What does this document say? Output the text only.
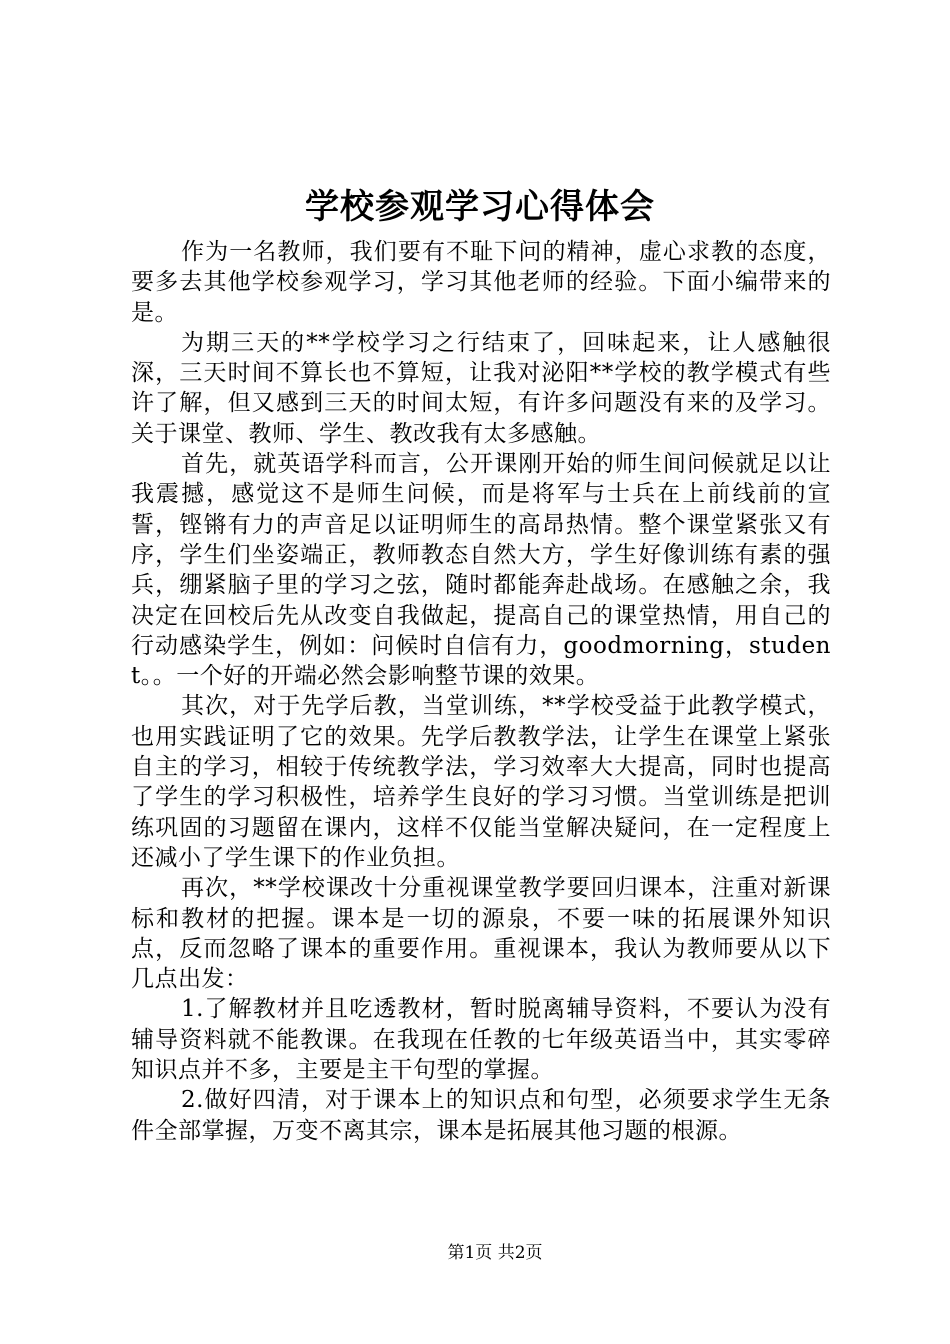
学校参观学习心得体会

作为一名教师，我们要有不耻下问的精神，虚心求教的态度，要多去其他学校参观学习，学习其他老师的经验。下面小编带来的是。

为期三天的**学校学习之行结束了，回味起来，让人感触很深，三天时间不算长也不算短，让我对泌阳**学校的教学模式有些许了解，但又感到三天的时间太短，有许多问题没有来的及学习。关于课堂、教师、学生、教改我有太多感触。

首先，就英语学科而言，公开课刚开始的师生间问候就足以让我震撼，感觉这不是师生问候，而是将军与士兵在上前线前的宣誓，铿锵有力的声音足以证明师生的高昂热情。整个课堂紧张又有序，学生们坐姿端正，教师教态自然大方，学生好像训练有素的强兵，绷紧脑子里的学习之弦，随时都能奔赴战场。在感触之余，我决定在回校后先从改变自我做起，提高自己的课堂热情，用自己的行动感染学生，例如：问候时自信有力，goodmorning，student。。一个好的开端必然会影响整节课的效果。

其次，对于先学后教，当堂训练，**学校受益于此教学模式，也用实践证明了它的效果。先学后教教学法，让学生在课堂上紧张自主的学习，相较于传统教学法，学习效率大大提高，同时也提高了学生的学习积极性，培养学生良好的学习习惯。当堂训练是把训练巩固的习题留在课内，这样不仅能当堂解决疑问，在一定程度上还减小了学生课下的作业负担。

再次，**学校课改十分重视课堂教学要回归课本，注重对新课标和教材的把握。课本是一切的源泉，不要一味的拓展课外知识点，反而忽略了课本的重要作用。重视课本，我认为教师要从以下几点出发：

1.了解教材并且吃透教材，暂时脱离辅导资料，不要认为没有辅导资料就不能教课。在我现在任教的七年级英语当中，其实零碎知识点并不多，主要是主干句型的掌握。

2.做好四清，对于课本上的知识点和句型，必须要求学生无条件全部掌握，万变不离其宗，课本是拓展其他习题的根源。

第1页 共2页
